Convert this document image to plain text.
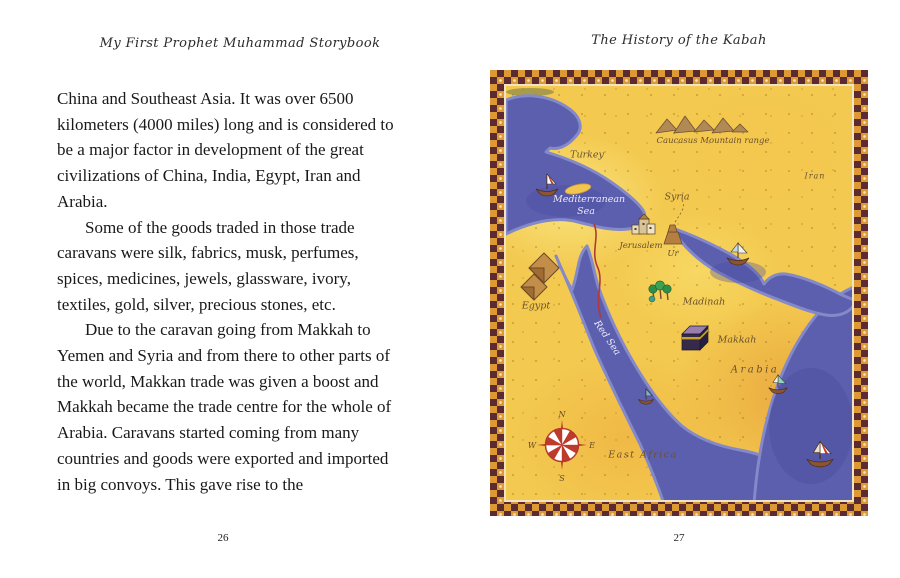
My First Prophet Muhammad Storybook

China and Southeast Asia. It was over 6500 kilometers (4000 miles) long and is considered to be a major factor in development of the great civilizations of China, India, Egypt, Iran and Arabia.

Some of the goods traded in those trade caravans were silk, fabrics, musk, perfumes, spices, medicines, jewels, glassware, ivory, textiles, gold, silver, precious stones, etc.

Due to the caravan going from Makkah to Yemen and Syria and from there to other parts of the world, Makkan trade was given a boost and Makkah became the trade centre for the whole of Arabia. Caravans started coming from many countries and goods were exported and imported in big convoys. This gave rise to the

26
The History of the Kabah
N
E
S
W
Turkey
Caucasus Mountain range
Iran
Mediterranean Sea
Syria
Jerusalem
Ur
Egypt	Madinah
Makkah
Arabia
Red Sea
East Africa
27
